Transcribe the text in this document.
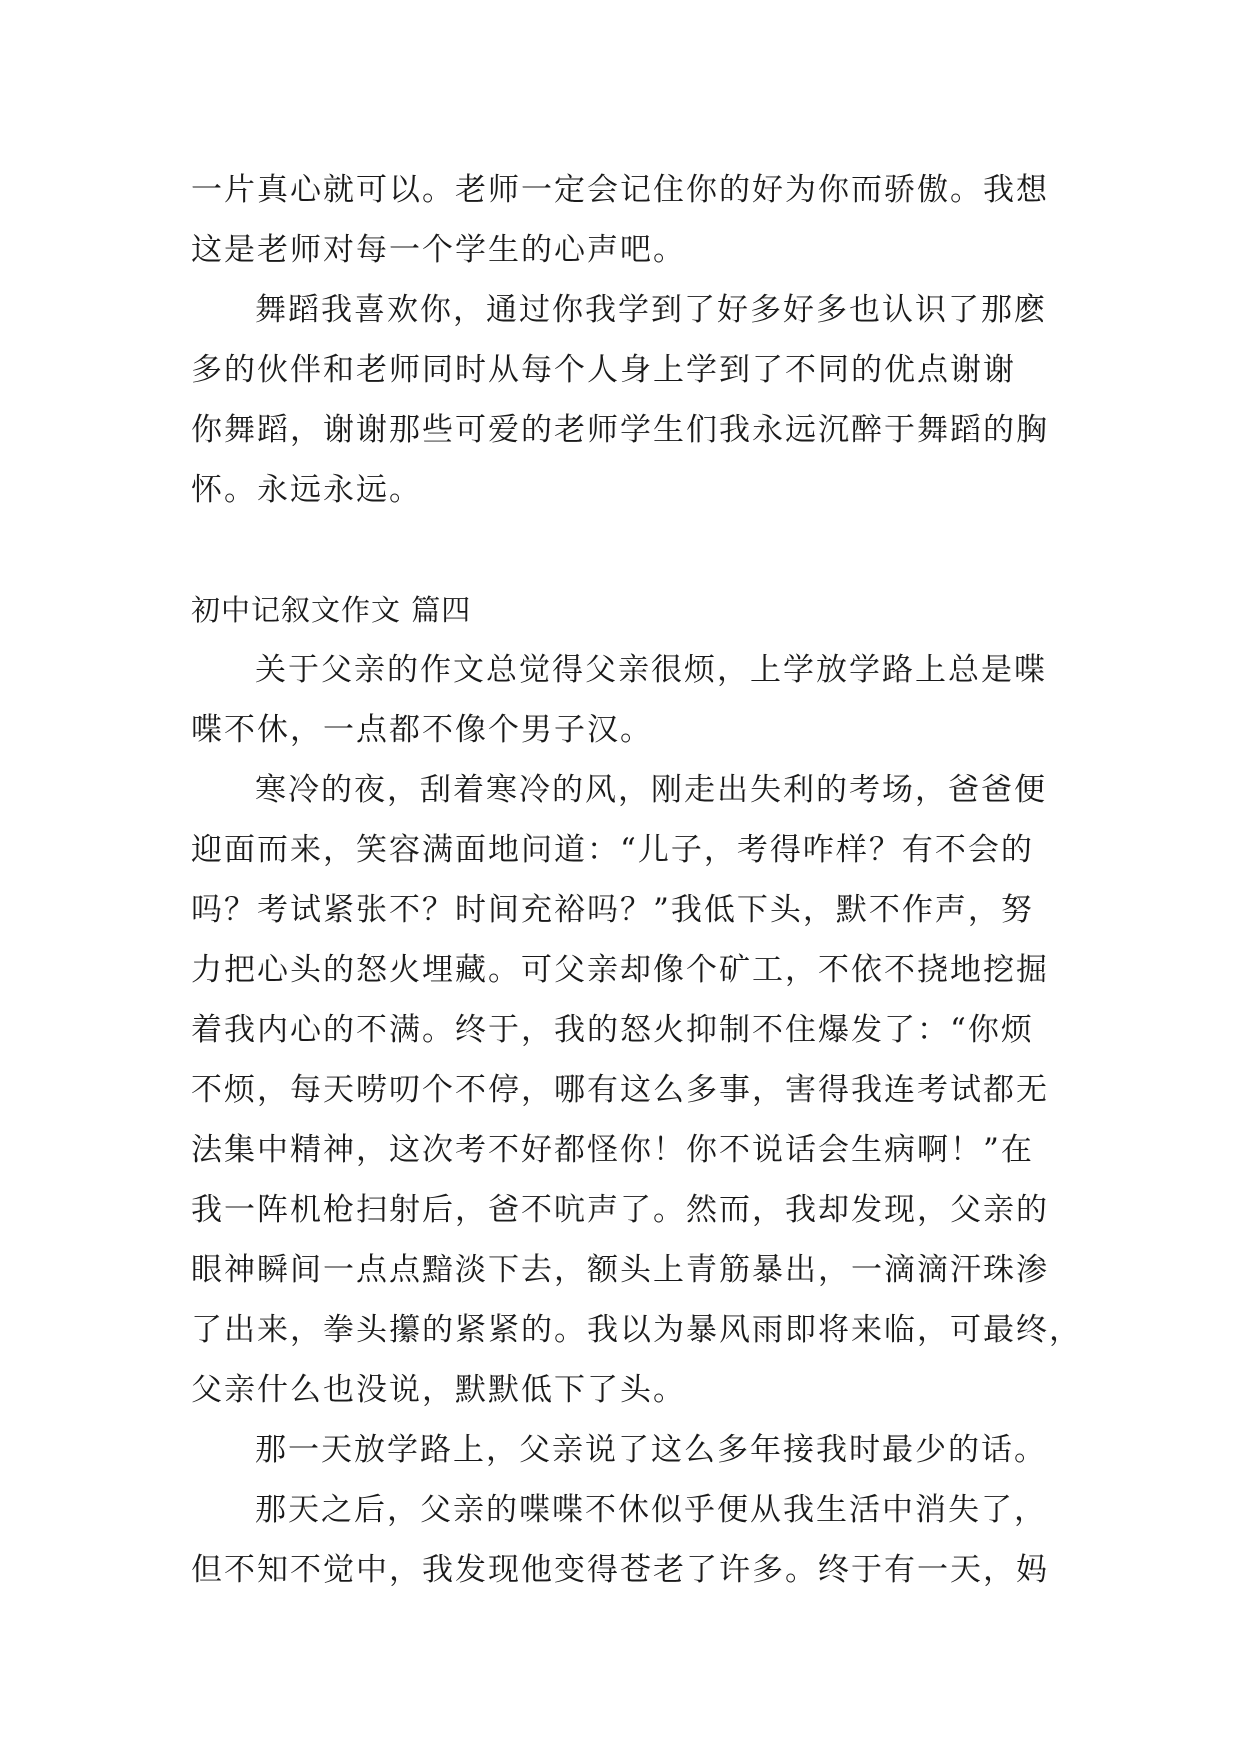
一片真心就可以。老师一定会记住你的好为你而骄傲。我想
这是老师对每一个学生的心声吧。
舞蹈我喜欢你，通过你我学到了好多好多也认识了那麽
多的伙伴和老师同时从每个人身上学到了不同的优点谢谢
你舞蹈，谢谢那些可爱的老师学生们我永远沉醉于舞蹈的胸
怀。永远永远。
初中记叙文作文 篇四
关于父亲的作文总觉得父亲很烦，上学放学路上总是喋
喋不休，一点都不像个男子汉。
寒冷的夜，刮着寒冷的风，刚走出失利的考场，爸爸便
迎面而来，笑容满面地问道：“儿子，考得咋样？有不会的
吗？考试紧张不？时间充裕吗？”我低下头，默不作声，努
力把心头的怒火埋藏。可父亲却像个矿工，不依不挠地挖掘
着我内心的不满。终于，我的怒火抑制不住爆发了：“你烦
不烦，每天唠叨个不停，哪有这么多事，害得我连考试都无
法集中精神，这次考不好都怪你！你不说话会生病啊！”在
我一阵机枪扫射后，爸不吭声了。然而，我却发现，父亲的
眼神瞬间一点点黯淡下去，额头上青筋暴出，一滴滴汗珠渗
了出来，拳头攥的紧紧的。我以为暴风雨即将来临，可最终，
父亲什么也没说，默默低下了头。
那一天放学路上，父亲说了这么多年接我时最少的话。
那天之后，父亲的喋喋不休似乎便从我生活中消失了，
但不知不觉中，我发现他变得苍老了许多。终于有一天，妈
